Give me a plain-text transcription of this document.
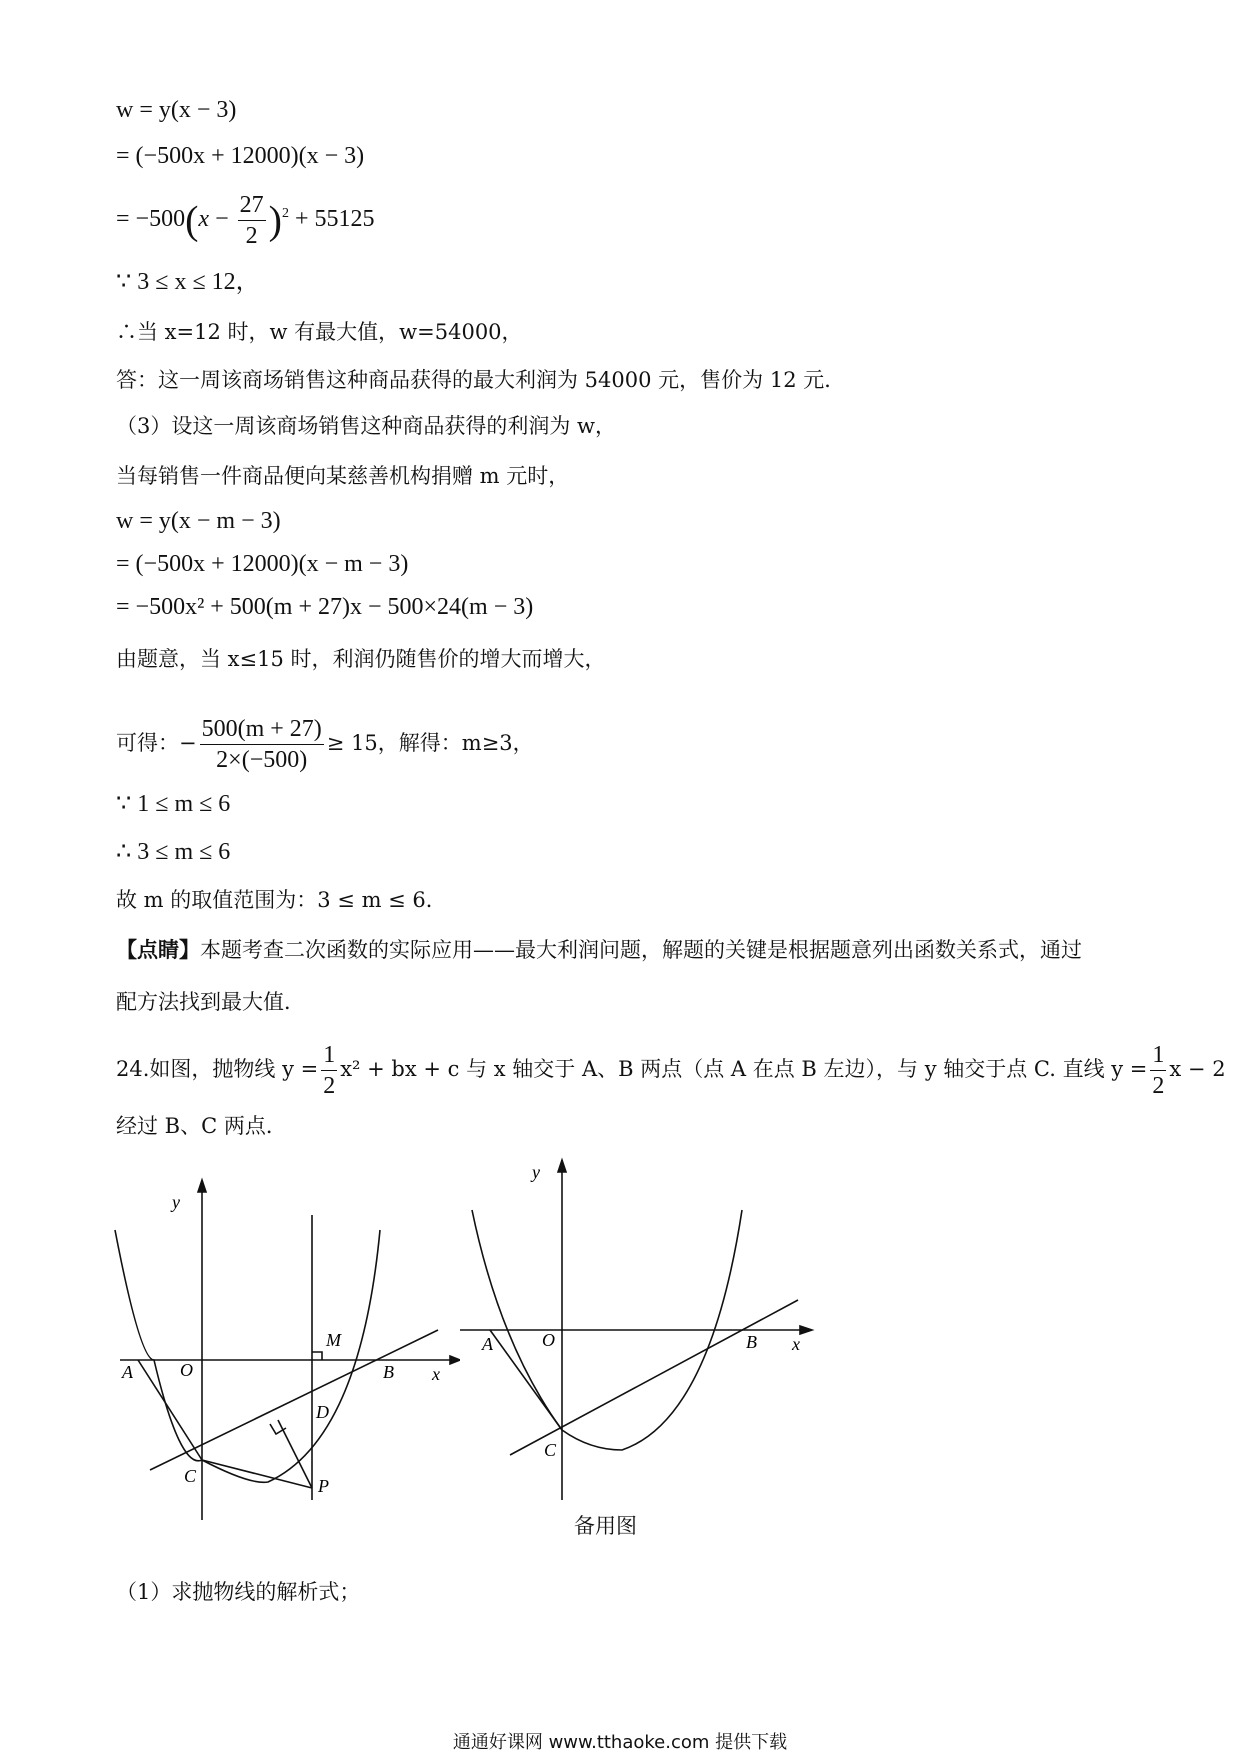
w = y(x − 3)
= (−500x + 12000)(x − 3)
= $-500(x - \frac{27}{2} )^2 + 55125$
∵ 3 ≤ x ≤ 12，
∴当 x=12 时，w 有最大值，w=54000，
答：这一周该商场销售这种商品获得的最大利润为 54000 元，售价为 12 元．
（3）设这一周该商场销售这种商品获得的利润为 w，
当每销售一件商品便向某慈善机构捐赠 m 元时，
w = y(x − m − 3)
= (−500x + 12000)(x − m − 3)
= −500x² + 500(m + 27)x − 500×24(m − 3)
由题意，当 x≤15 时，利润仍随售价的增大而增大，
可得：− $\frac{500(m + 27)}{2\times(-500)} \ge 15$，解得：m≥3，
∵ 1 ≤ m ≤ 6
∴ 3 ≤ m ≤ 6
故 m 的取值范围为：3 ≤ m ≤ 6．
【点睛】本题考查二次函数的实际应用——最大利润问题，解题的关键是根据题意列出函数关系式，通过
配方法找到最大值．
24.如图，抛物线 $y = \frac{1}{2} x^2$ + bx + c 与 x 轴交于 A、B 两点（点 A 在点 B 左边），与 y 轴交于点 C. 直线 $y = \frac{1}{2}$ x − 2
经过 B、C 两点．
y
x
A	O	B
M
D
C	P
y
x
A	O	B
C
备用图
（1）求抛物线的解析式；
通通好课网 www.tthaoke.com 提供下载
